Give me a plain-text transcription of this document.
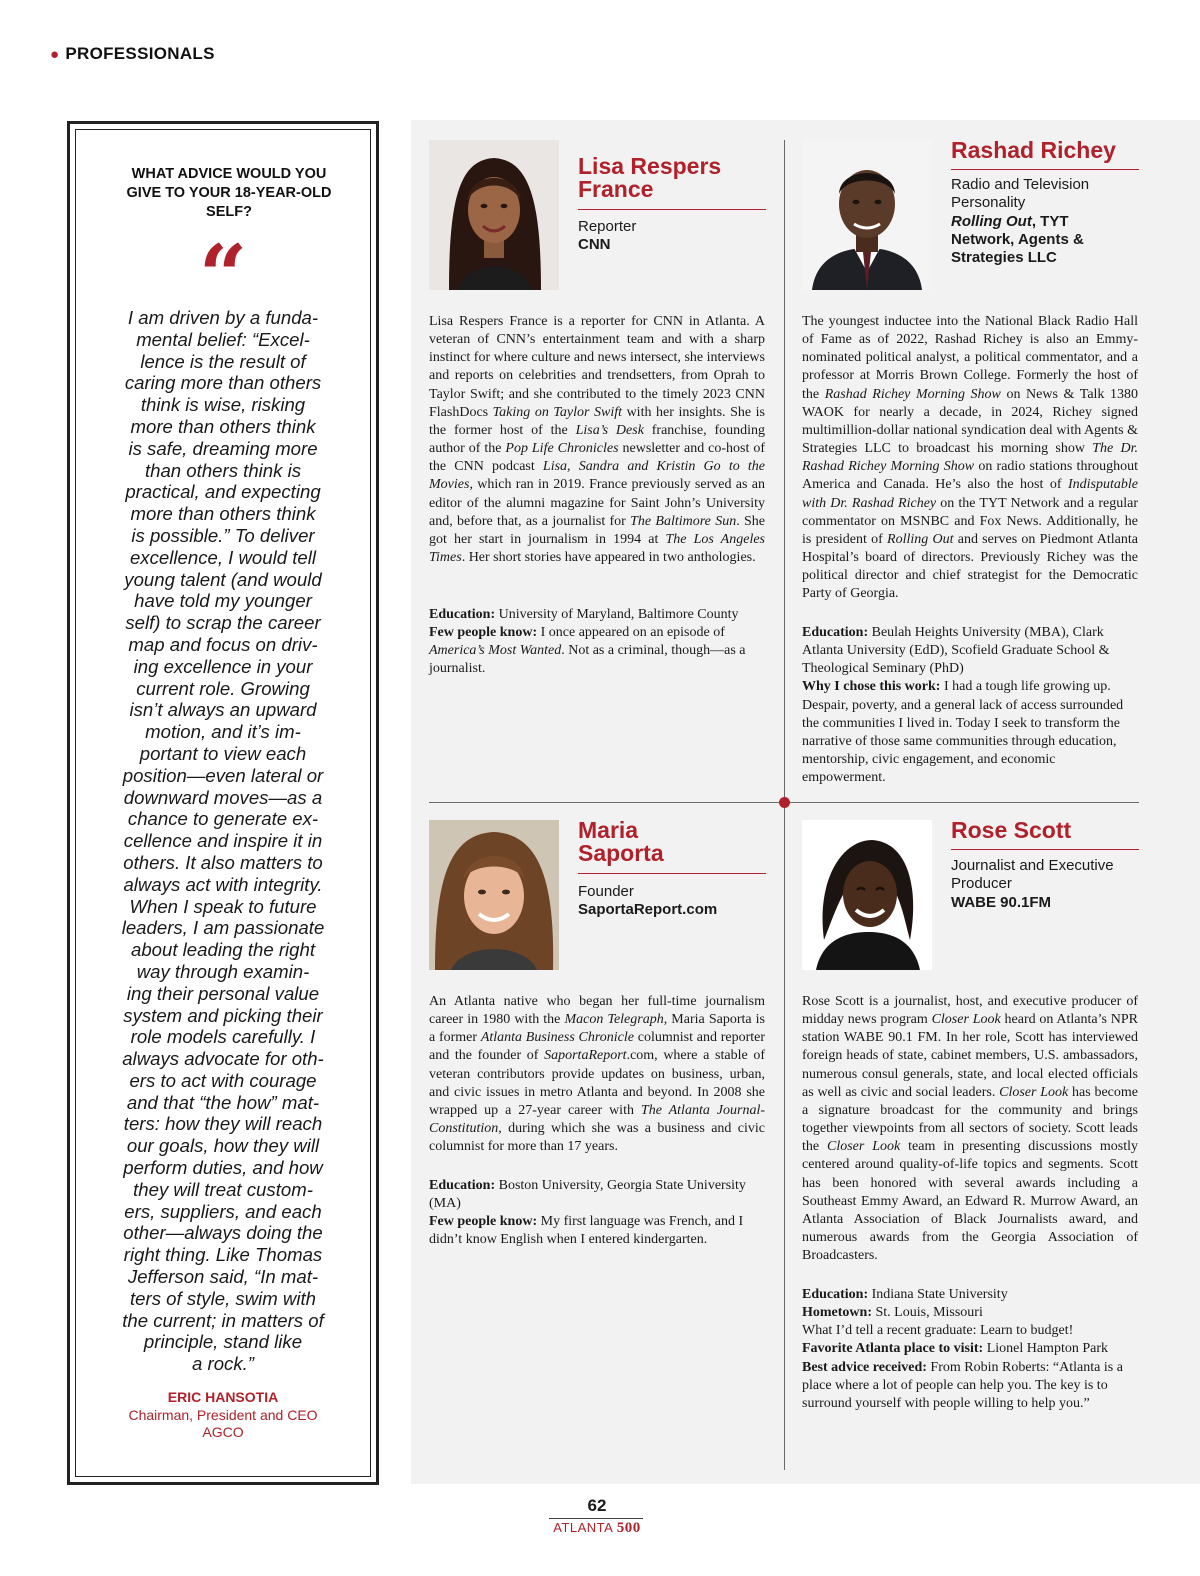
● PROFESSIONALS
WHAT ADVICE WOULD YOU GIVE TO YOUR 18-YEAR-OLD SELF?
“
I am driven by a funda-
mental belief: “Excel-
lence is the result of
caring more than others
think is wise, risking
more than others think
is safe, dreaming more
than others think is
practical, and expecting
more than others think
is possible.” To deliver
excellence, I would tell
young talent (and would
have told my younger
self) to scrap the career
map and focus on driv-
ing excellence in your
current role. Growing
isn’t always an upward
motion, and it’s im-
portant to view each
position—even lateral or
downward moves—as a
chance to generate ex-
cellence and inspire it in
others. It also matters to
always act with integrity.
When I speak to future
leaders, I am passionate
about leading the right
way through examin-
ing their personal value
system and picking their
role models carefully. I
always advocate for oth-
ers to act with courage
and that “the how” mat-
ters: how they will reach
our goals, how they will
perform duties, and how
they will treat custom-
ers, suppliers, and each
other—always doing the
right thing. Like Thomas
Jefferson said, “In mat-
ters of style, swim with
the current; in matters of
principle, stand like
a rock.”
ERIC HANSOTIA
Chairman, President and CEO
AGCO
Lisa Respers
France
Reporter
CNN
Lisa Respers France is a reporter for CNN in Atlanta. A veteran of CNN’s entertainment team and with a sharp instinct for where culture and news intersect, she interviews and reports on celebrities and trendsetters, from Oprah to Taylor Swift; and she contributed to the timely 2023 CNN FlashDocs Taking on Taylor Swift with her insights. She is the former host of the Lisa’s Desk franchise, founding author of the Pop Life Chronicles newsletter and co-host of the CNN podcast Lisa, Sandra and Kristin Go to the Movies, which ran in 2019. France previously served as an editor of the alumni magazine for Saint John’s University and, before that, as a journalist for The Baltimore Sun. She got her start in journalism in 1994 at The Los Angeles Times. Her short stories have appeared in two anthologies.

Education: University of Maryland, Baltimore County

Few people know: I once appeared on an episode of America’s Most Wanted. Not as a criminal, though—as a journalist.

Rashad Richey
Radio and Television
Personality
Rolling Out, TYT
Network, Agents &
Strategies LLC
The youngest inductee into the National Black Radio Hall of Fame as of 2022, Rashad Richey is also an Emmy-nominated political analyst, a political commentator, and a professor at Morris Brown College. Formerly the host of the Rashad Richey Morning Show on News & Talk 1380 WAOK for nearly a decade, in 2024, Richey signed multimillion-dollar national syndication deal with Agents & Strategies LLC to broadcast his morning show The Dr. Rashad Richey Morning Show on radio stations throughout America and Canada. He’s also the host of Indisputable with Dr. Rashad Richey on the TYT Network and a regular commentator on MSNBC and Fox News. Additionally, he is president of Rolling Out and serves on Piedmont Atlanta Hospital’s board of directors. Previously Richey was the political director and chief strategist for the Democratic Party of Georgia.

Education: Beulah Heights University (MBA), Clark Atlanta University (EdD), Scofield Graduate School & Theological Seminary (PhD)

Why I chose this work: I had a tough life growing up. Despair, poverty, and a general lack of access surrounded the communities I lived in. Today I seek to transform the narrative of those same communities through education, mentorship, civic engagement, and economic empowerment.

Maria
Saporta
Founder
SaportaReport.com
An Atlanta native who began her full-time journalism career in 1980 with the Macon Telegraph, Maria Saporta is a former Atlanta Business Chronicle columnist and reporter and the founder of SaportaReport.com, where a stable of veteran contributors provide updates on business, urban, and civic issues in metro Atlanta and beyond. In 2008 she wrapped up a 27-year career with The Atlanta Journal-Constitution, during which she was a business and civic columnist for more than 17 years.

Education: Boston University, Georgia State University (MA)

Few people know: My first language was French, and I didn’t know English when I entered kindergarten.

Rose Scott
Journalist and Executive
Producer
WABE 90.1FM
Rose Scott is a journalist, host, and executive producer of midday news program Closer Look heard on Atlanta’s NPR station WABE 90.1 FM. In her role, Scott has interviewed foreign heads of state, cabinet members, U.S. ambassadors, numerous consul generals, state, and local elected officials as well as civic and social leaders. Closer Look has become a signature broadcast for the community and brings together viewpoints from all sectors of society. Scott leads the Closer Look team in presenting discussions mostly centered around quality-of-life topics and segments. Scott has been honored with several awards including a Southeast Emmy Award, an Edward R. Murrow Award, an Atlanta Association of Black Journalists award, and numerous awards from the Georgia Association of Broadcasters.

Education: Indiana State University

Hometown: St. Louis, Missouri

What I’d tell a recent graduate: Learn to budget!

Favorite Atlanta place to visit: Lionel Hampton Park

Best advice received: From Robin Roberts: “Atlanta is a place where a lot of people can help you. The key is to surround yourself with people willing to help you.”

62
ATLANTA 500
